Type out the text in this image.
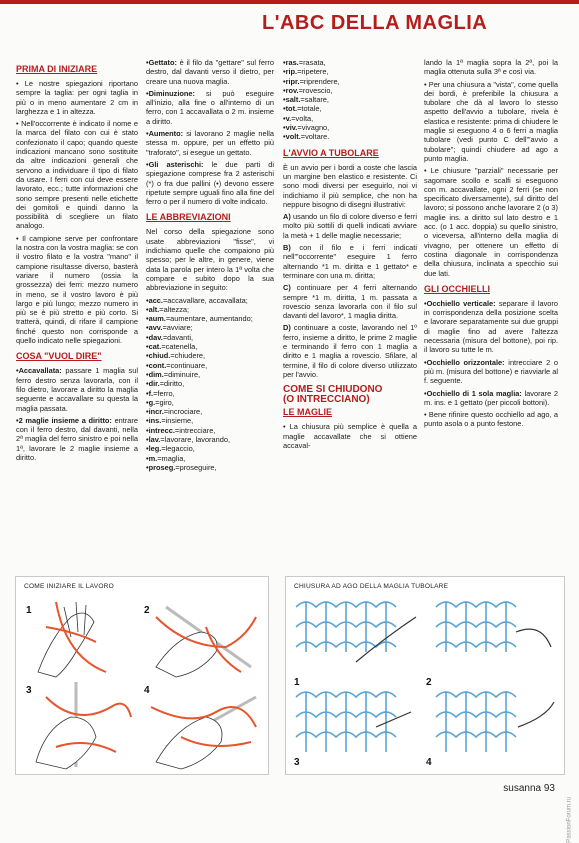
L'ABC DELLA MAGLIA
PRIMA DI INIZIARE

• Le nostre spiegazioni riportano sempre la taglia: per ogni taglia in più o in meno aumentare 2 cm in larghezza e 1 in altezza.

• Nell'occorrente è indicato il nome e la marca del filato con cui è stato confezionato il capo; quando queste indicazioni mancano sono sostituite da altre indicazioni generali che servono a individuare il tipo di filato da usare. I ferri con cui deve essere lavorato, ecc.; tutte informazioni che sono sempre presenti nelle etichette dei gomitoli e quindi danno la possibilità di scegliere un filato analogo.

• Il campione serve per confrontare la nostra con la vostra maglia: se con il vostro filato e la vostra "mano" il campione risultasse diverso, basterà variare il numero (ossia la grossezza) dei ferri: mezzo numero in meno, se il vostro lavoro è più largo e più lungo; mezzo numero in più se è più stretto e più corto. Si tratterà, quindi, di rifare il campione finché questo non corrisponde a quello indicato nelle spiegazioni.

COSA "VUOL DIRE"

•Accavallata: passare 1 maglia sul ferro destro senza lavorarla, con il filo dietro, lavorare a diritto la maglia seguente e accavallare su questa la maglia passata.

•2 maglie insieme a diritto: entrare con il ferro destro, dal davanti, nella 2ª maglia del ferro sinistro e poi nella 1ª, lavorare le 2 maglie insieme a diritto.

•Gettato: è il filo da "gettare" sul ferro destro, dal davanti verso il dietro, per creare una nuova maglia.

•Diminuzione: si può eseguire all'inizio, alla fine o all'interno di un ferro, con 1 accavallata o 2 m. insieme a diritto.

•Aumento: si lavorano 2 maglie nella stessa m. oppure, per un effetto più "traforato", si esegue un gettato.

•Gli asterischi: le due parti di spiegazione comprese fra 2 asterischi (*) o fra due pallini (•) devono essere ripetute sempre uguali fino alla fine del ferro o per il numero di volte indicato.

LE ABBREVIAZIONI

Nel corso della spiegazione sono usate abbreviazioni "fisse", vi indichiamo quelle che compaiono più spesso; per le altre, in genere, viene data la parola per intero la 1ª volta che compare e subito dopo la sua abbreviazione in seguito:

•acc.=accavallare, accavallata;
•alt.=altezza;
•aum.=aumentare, aumentando;
•avv.=avviare;
•dav.=davanti,
•cat.=catenella,
•chiud.=chiudere,
•cont.=continuare,
•dim.=diminuire,
•dir.=diritto,
•f.=ferro,
•g.=giro,
•incr.=incrociare,
•ins.=insieme,
•intrecc.=intrecciare,
•lav.=lavorare, lavorando,
•leg.=legaccio,
•m.=maglia,
•proseg.=proseguire,
•ras.=rasata,
•rip.=ripetere,
•ripr.=riprendere,
•rov.=rovescio,
•salt.=saltare,
•tot.=totale,
•v.=volta,
•viv.=vivagno,
•volt.=voltare.
L'AVVIO A TUBOLARE

È un avvio per i bordi a coste che lascia un margine ben elastico e resistente. Ci sono modi diversi per eseguirlo, noi vi indichiamo il più semplice, che non ha neppure bisogno di disegni illustrativi:

A) usando un filo di colore diverso e ferri molto più sottili di quelli indicati avviare la metà + 1 delle maglie necessarie;

B) con il filo e i ferri indicati nell'"occorrente" eseguire 1 ferro alternando *1 m. diritta e 1 gettato* e terminare con una m. diritta;

C) continuare per 4 ferri alternando sempre *1 m. diritta, 1 m. passata a rovescio senza lavorarla con il filo sul davanti del lavoro*, 1 maglia diritta.

D) continuare a coste, lavorando nel 1º ferro, insieme a diritto, le prime 2 maglie e terminando il ferro con 1 maglia a diritto e 1 maglia a rovescio. Sfilare, al termine, il filo di colore diverso utilizzato per l'avvio.

COME SI CHIUDONO
(O INTRECCIANO)
LE MAGLIE

• La chiusura più semplice è quella a maglie accavallate che si ottiene accaval-

lando la 1ª maglia sopra la 2ª, poi la maglia ottenuta sulla 3ª e così via.

• Per una chiusura a "vista", come quella dei bordi, è preferibile la chiusura a tubolare che dà al lavoro lo stesso aspetto dell'avvio a tubolare, rivela è elastica e resistente: prima di chiudere le maglie si eseguono 4 o 6 ferri a maglia tubolare (vedi punto C dell'"avvio a tubolare"; quindi chiudere ad ago a punto maglia.

• Le chiusure "parziali" necessarie per sagomare scollo e scalfi si eseguono con m. accavallate, ogni 2 ferri (se non specificato diversamente), sul diritto del lavoro; si possono anche lavorare 2 (o 3) maglie ins. a diritto sul lato destro e 1 acc. (o 1 acc. doppia) su quello sinistro, o viceversa, all'interno della maglia di vivagno, per ottenere un effetto di costina diagonale in corrispondenza della chiusura, inclinata a specchio sui due lati.

GLI OCCHIELLI

•Occhiello verticale: separare il lavoro in corrispondenza della posizione scelta e lavorare separatamente sui due gruppi di maglie fino ad avere l'altezza necessaria (misura del bottone), poi rip. il lavoro su tutte le m.

•Occhiello orizzontale: intrecciare 2 o più m. (misura del bottone) e riavviarle al f. seguente.

•Occhiello di 1 sola maglia: lavorare 2 m. ins. e 1 gettato (per piccoli bottoni).

• Bene rifinire questo occhiello ad ago, a punto asola o a punto festone.

COME INIZIARE IL LAVORO
1	2
3	4
CHIUSURA AD AGO DELLA MAGLIA TUBOLARE
1	2
3	4
susanna 93
PassionForum.ru
